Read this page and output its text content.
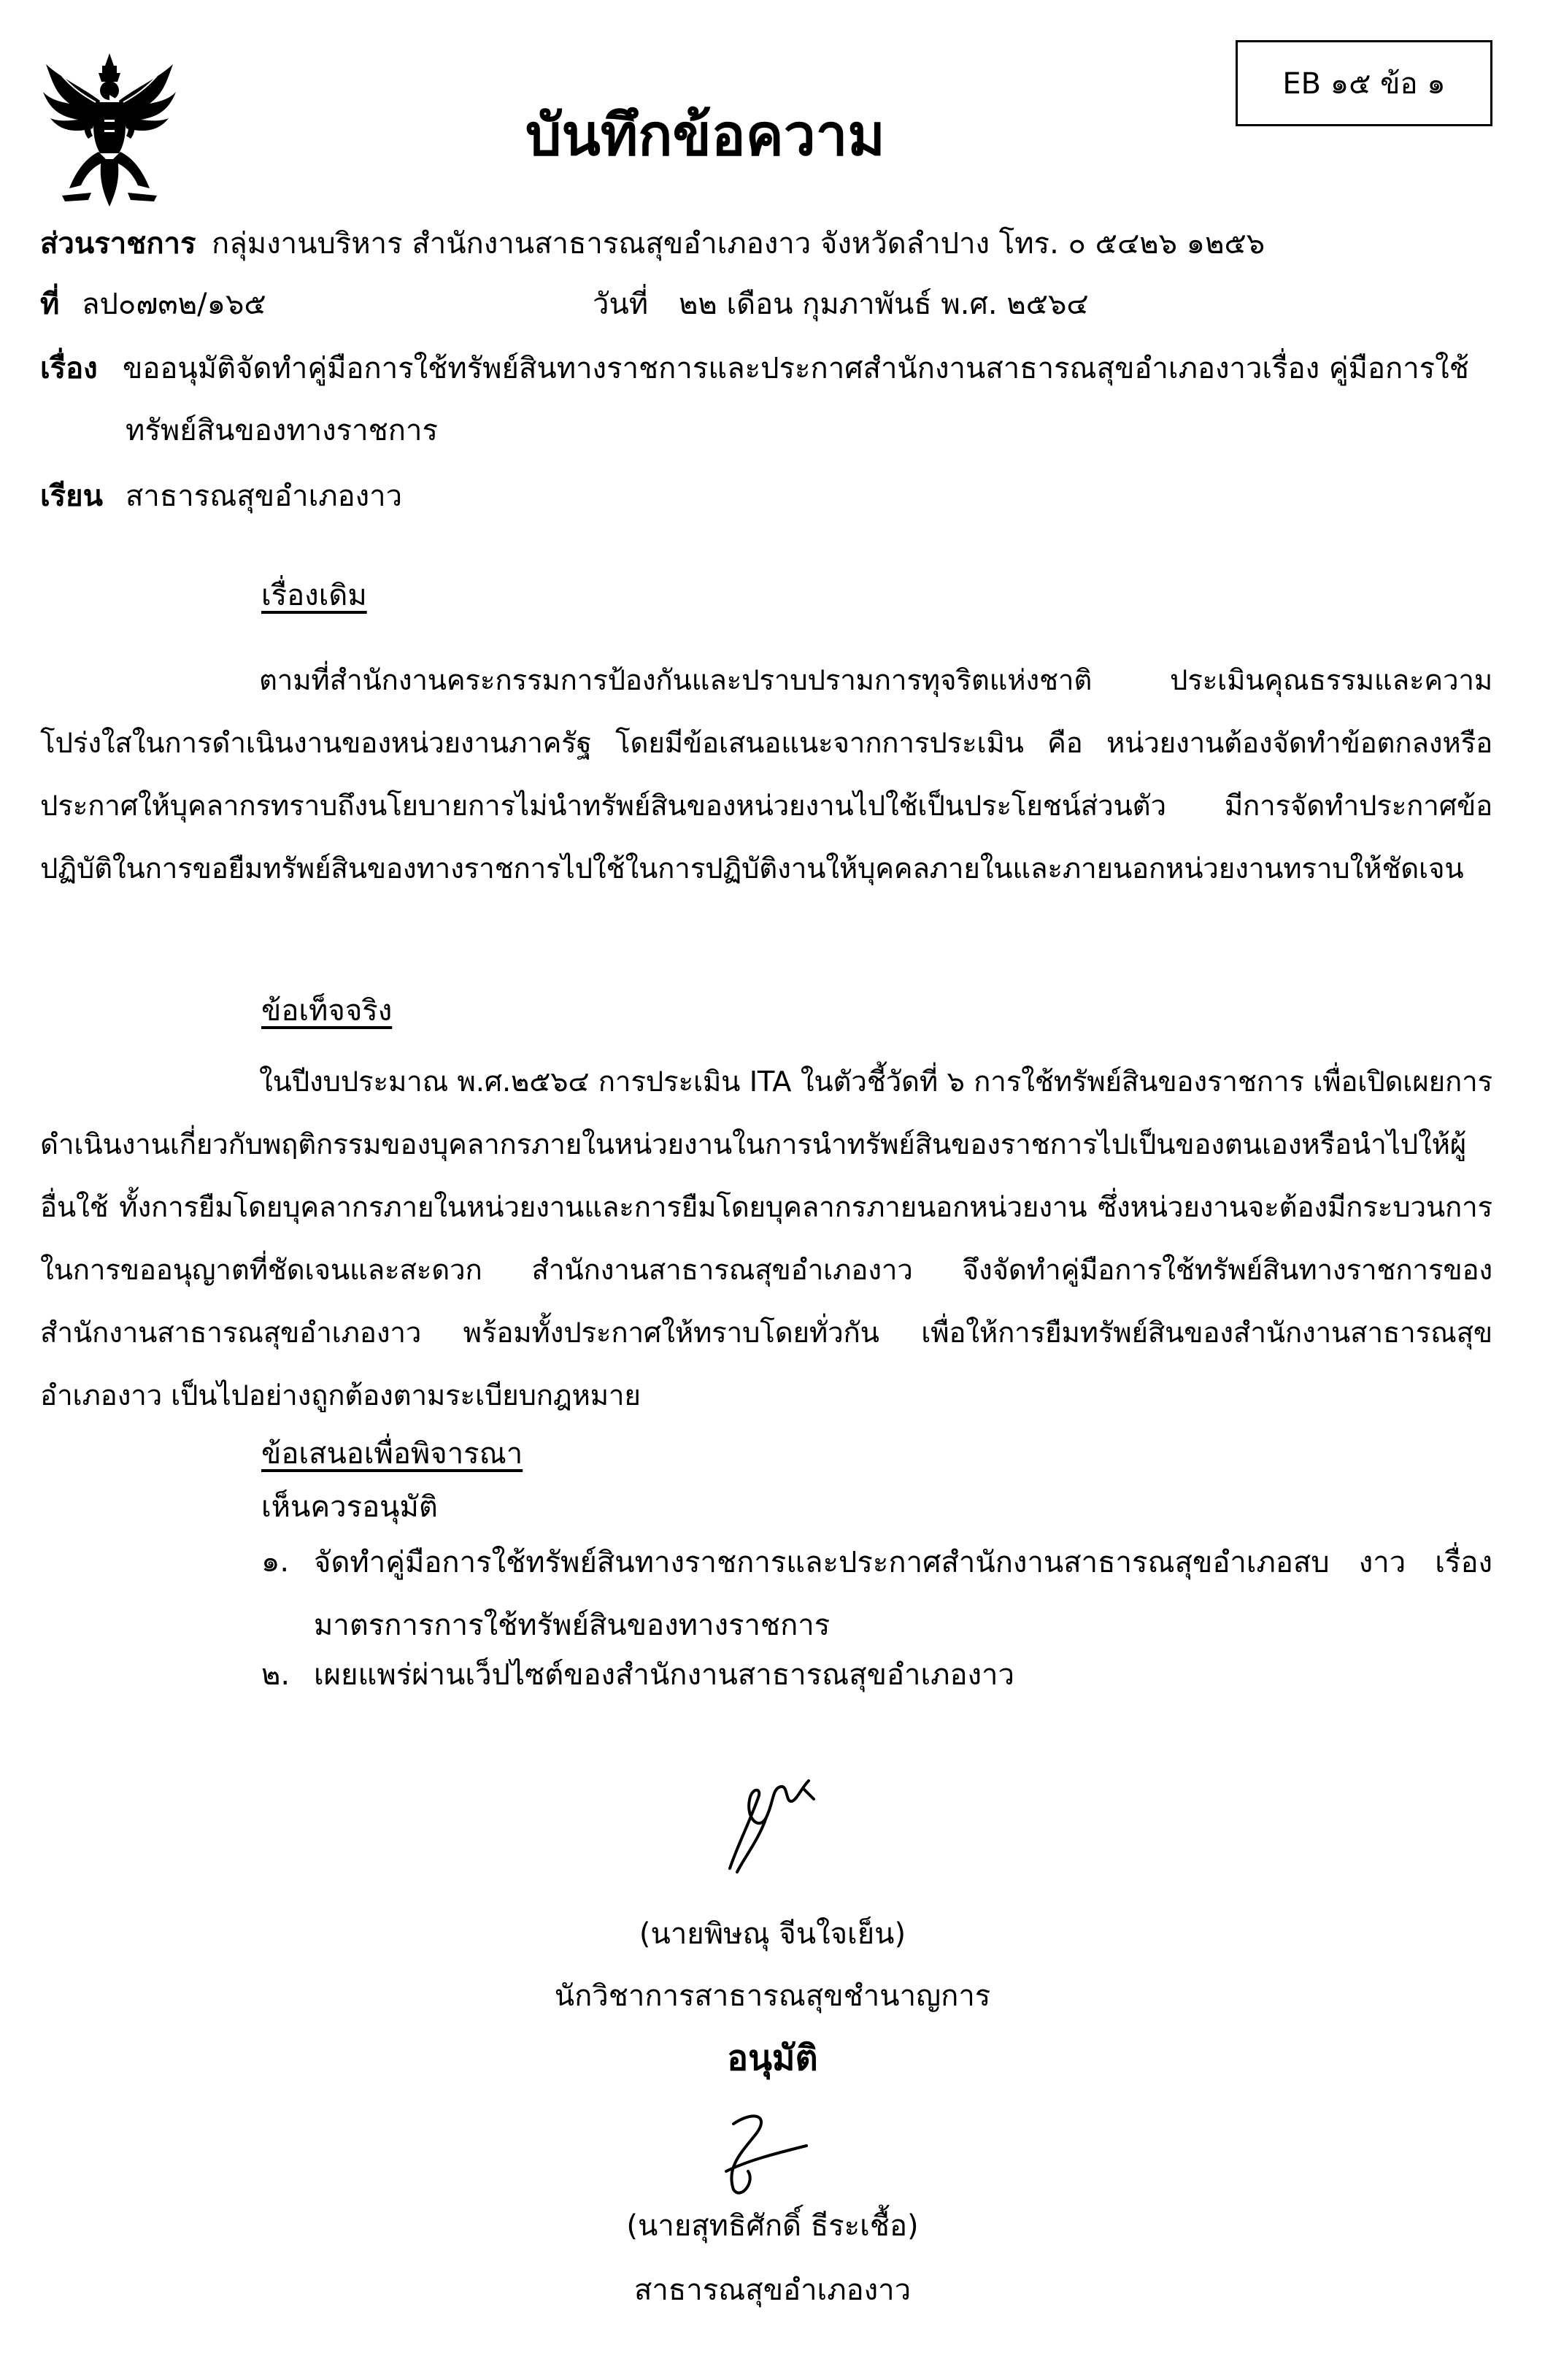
EB ๑๕ ข้อ ๑
บันทึกข้อความ
ส่วนราชการ กลุ่มงานบริหาร สำนักงานสาธารณสุขอำเภองาว จังหวัดลำปาง โทร. ๐ ๕๔๒๖ ๑๒๕๖
ที่ ลป๐๗๓๒/๑๖๕	วันที่ ๒๒ เดือน กุมภาพันธ์ พ.ศ. ๒๕๖๔
เรื่อง ขออนุมัติจัดทำคู่มือการใช้ทรัพย์สินทางราชการและประกาศสำนักงานสาธารณสุขอำเภองาวเรื่อง คู่มือการใช้
ทรัพย์สินของทางราชการ
เรียน สาธารณสุขอำเภองาว
เรื่องเดิม
ตามที่สำนักงานคระกรรมการป้องกันและปราบปรามการทุจริตแห่งชาติ ประเมินคุณธรรมและความโปร่งใสในการดำเนินงานของหน่วยงานภาครัฐ โดยมีข้อเสนอแนะจากการประเมิน คือ หน่วยงานต้องจัดทำข้อตกลงหรือประกาศให้บุคลากรทราบถึงนโยบายการไม่นำทรัพย์สินของหน่วยงานไปใช้เป็นประโยชน์ส่วนตัว มีการจัดทำประกาศข้อปฏิบัติในการขอยืมทรัพย์สินของทางราชการไปใช้ในการปฏิบัติงานให้บุคคลภายในและภายนอกหน่วยงานทราบให้ชัดเจน
ข้อเท็จจริง
ในปีงบประมาณ พ.ศ.๒๕๖๔ การประเมิน ITA ในตัวชี้วัดที่ ๖ การใช้ทรัพย์สินของราชการ เพื่อเปิดเผยการดำเนินงานเกี่ยวกับพฤติกรรมของบุคลากรภายในหน่วยงานในการนำทรัพย์สินของราชการไปเป็นของตนเองหรือนำไปให้ผู้อื่นใช้ ทั้งการยืมโดยบุคลากรภายในหน่วยงานและการยืมโดยบุคลากรภายนอกหน่วยงาน ซึ่งหน่วยงานจะต้องมีกระบวนการในการขออนุญาตที่ชัดเจนและสะดวก สำนักงานสาธารณสุขอำเภองาว จึงจัดทำคู่มือการใช้ทรัพย์สินทางราชการของสำนักงานสาธารณสุขอำเภองาว พร้อมทั้งประกาศให้ทราบโดยทั่วกัน เพื่อให้การยืมทรัพย์สินของสำนักงานสาธารณสุขอำเภองาว เป็นไปอย่างถูกต้องตามระเบียบกฎหมาย
ข้อเสนอเพื่อพิจารณา
เห็นควรอนุมัติ
๑. จัดทำคู่มือการใช้ทรัพย์สินทางราชการและประกาศสำนักงานสาธารณสุขอำเภอสบ งาว เรื่อง มาตรการการใช้ทรัพย์สินของทางราชการ
๒. เผยแพร่ผ่านเว็ปไซต์ของสำนักงานสาธารณสุขอำเภองาว
(นายพิษณุ จีนใจเย็น)
นักวิชาการสาธารณสุขชำนาญการ
อนุมัติ
(นายสุทธิศักดิ์ ธีระเชื้อ)
สาธารณสุขอำเภองาว
